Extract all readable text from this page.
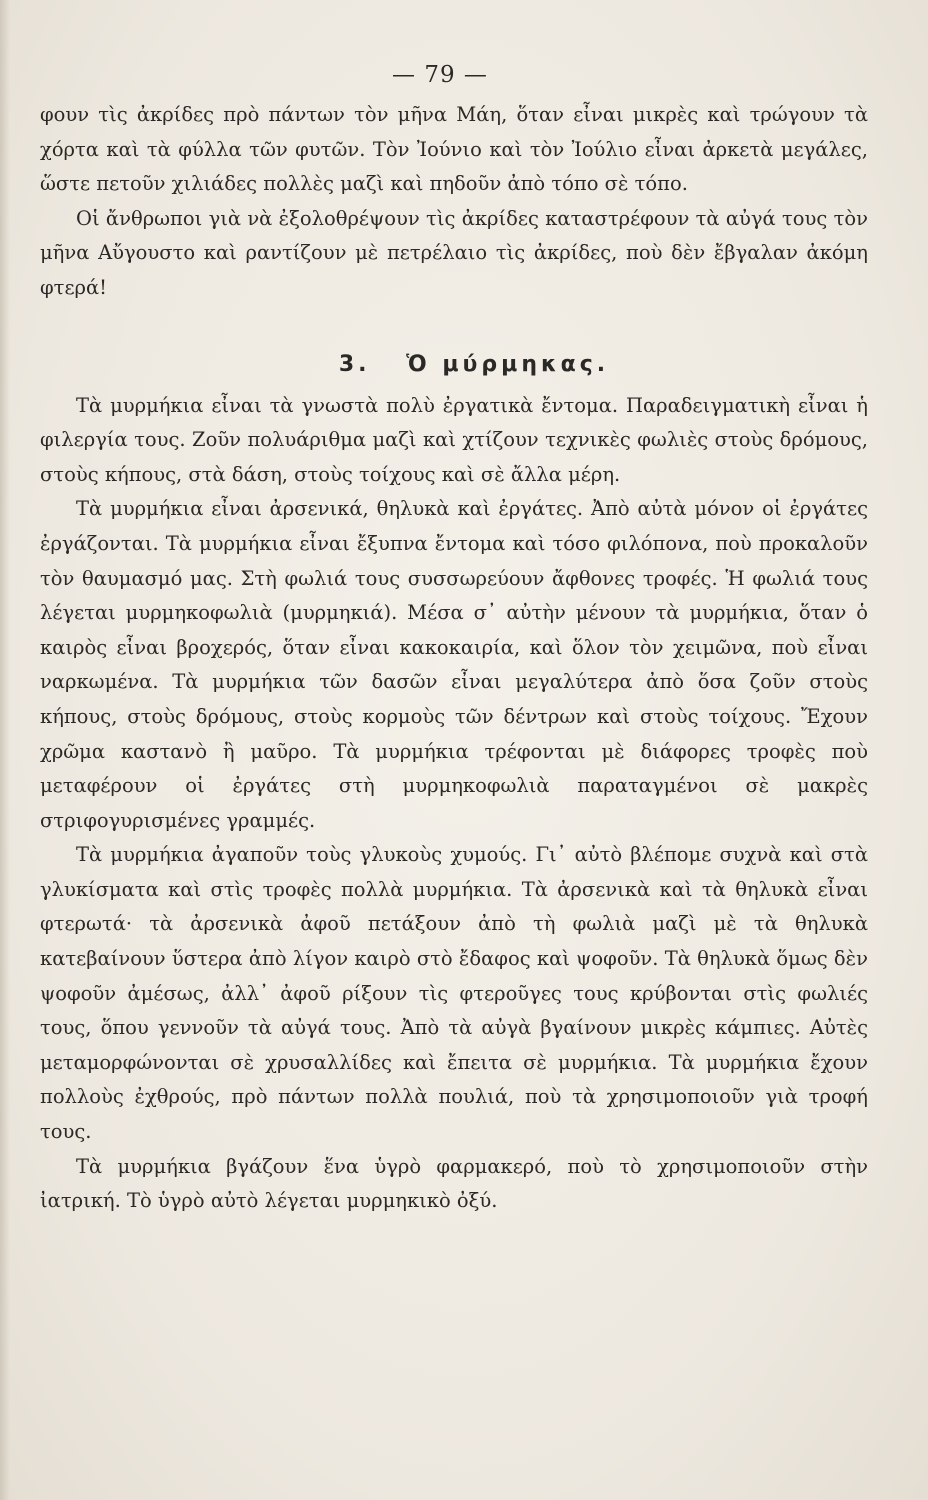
— 79 —

φουν τὶς ἀκρίδες πρὸ πάντων τὸν μῆνα Μάη, ὅταν εἶναι μικρὲς καὶ τρώγουν τὰ χόρτα καὶ τὰ φύλλα τῶν φυτῶν. Τὸν Ἰούνιο καὶ τὸν Ἰούλιο εἶναι ἀρκετὰ μεγάλες, ὥστε πετοῦν χιλιάδες πολλὲς μαζὶ καὶ πηδοῦν ἀπὸ τόπο σὲ τόπο.

Οἱ ἄνθρωποι γιὰ νὰ ἐξολοθρέψουν τὶς ἀκρίδες καταστρέφουν τὰ αὐγά τους τὸν μῆνα Αὔγουστο καὶ ραντίζουν μὲ πετρέλαιο τὶς ἀκρίδες, ποὺ δὲν ἔβγαλαν ἀκόμη φτερά!

3. Ὁ μύρμηκας.

Τὰ μυρμήκια εἶναι τὰ γνωστὰ πολὺ ἐργατικὰ ἔντομα. Παραδειγματικὴ εἶναι ἡ φιλεργία τους. Ζοῦν πολυάριθμα μαζὶ καὶ χτίζουν τεχνικὲς φωλιὲς στοὺς δρόμους, στοὺς κήπους, στὰ δάση, στοὺς τοίχους καὶ σὲ ἄλλα μέρη.

Τὰ μυρμήκια εἶναι ἀρσενικά, θηλυκὰ καὶ ἐργάτες. Ἀπὸ αὐτὰ μόνον οἱ ἐργάτες ἐργάζονται. Τὰ μυρμήκια εἶναι ἔξυπνα ἔντομα καὶ τόσο φιλόπονα, ποὺ προκαλοῦν τὸν θαυμασμό μας. Στὴ φωλιά τους συσσωρεύουν ἄφθονες τροφές. Ἡ φωλιά τους λέγεται μυρμηκοφωλιὰ (μυρμηκιά). Μέσα σ᾽ αὐτὴν μένουν τὰ μυρμήκια, ὅταν ὁ καιρὸς εἶναι βροχερός, ὅταν εἶναι κακοκαιρία, καὶ ὅλον τὸν χειμῶνα, ποὺ εἶναι ναρκωμένα. Τὰ μυρμήκια τῶν δασῶν εἶναι μεγαλύτερα ἀπὸ ὅσα ζοῦν στοὺς κήπους, στοὺς δρόμους, στοὺς κορμοὺς τῶν δέντρων καὶ στοὺς τοίχους. Ἔχουν χρῶμα καστανὸ ἢ μαῦρο. Τὰ μυρμήκια τρέφονται μὲ διάφορες τροφὲς ποὺ μεταφέρουν οἱ ἐργάτες στὴ μυρμηκοφωλιὰ παραταγμένοι σὲ μακρὲς στριφογυρισμένες γραμμές.

Τὰ μυρμήκια ἀγαποῦν τοὺς γλυκοὺς χυμούς. Γι᾽ αὐτὸ βλέπομε συχνὰ καὶ στὰ γλυκίσματα καὶ στὶς τροφὲς πολλὰ μυρμήκια. Τὰ ἀρσενικὰ καὶ τὰ θηλυκὰ εἶναι φτερωτά· τὰ ἀρσενικὰ ἀφοῦ πετάξουν ἀπὸ τὴ φωλιὰ μαζὶ μὲ τὰ θηλυκὰ κατεβαίνουν ὕστερα ἀπὸ λίγον καιρὸ στὸ ἔδαφος καὶ ψοφοῦν. Τὰ θηλυκὰ ὅμως δὲν ψοφοῦν ἀμέσως, ἀλλ᾽ ἀφοῦ ρίξουν τὶς φτεροῦγες τους κρύβονται στὶς φωλιές τους, ὅπου γεννοῦν τὰ αὐγά τους. Ἀπὸ τὰ αὐγὰ βγαίνουν μικρὲς κάμπιες. Αὐτὲς μεταμορφώνονται σὲ χρυσαλλίδες καὶ ἔπειτα σὲ μυρμήκια. Τὰ μυρμήκια ἔχουν πολλοὺς ἐχθρούς, πρὸ πάντων πολλὰ πουλιά, ποὺ τὰ χρησιμοποιοῦν γιὰ τροφή τους.

Τὰ μυρμήκια βγάζουν ἕνα ὑγρὸ φαρμακερό, ποὺ τὸ χρησιμοποιοῦν στὴν ἰατρική. Τὸ ὑγρὸ αὐτὸ λέγεται μυρμηκικὸ ὀξύ.
